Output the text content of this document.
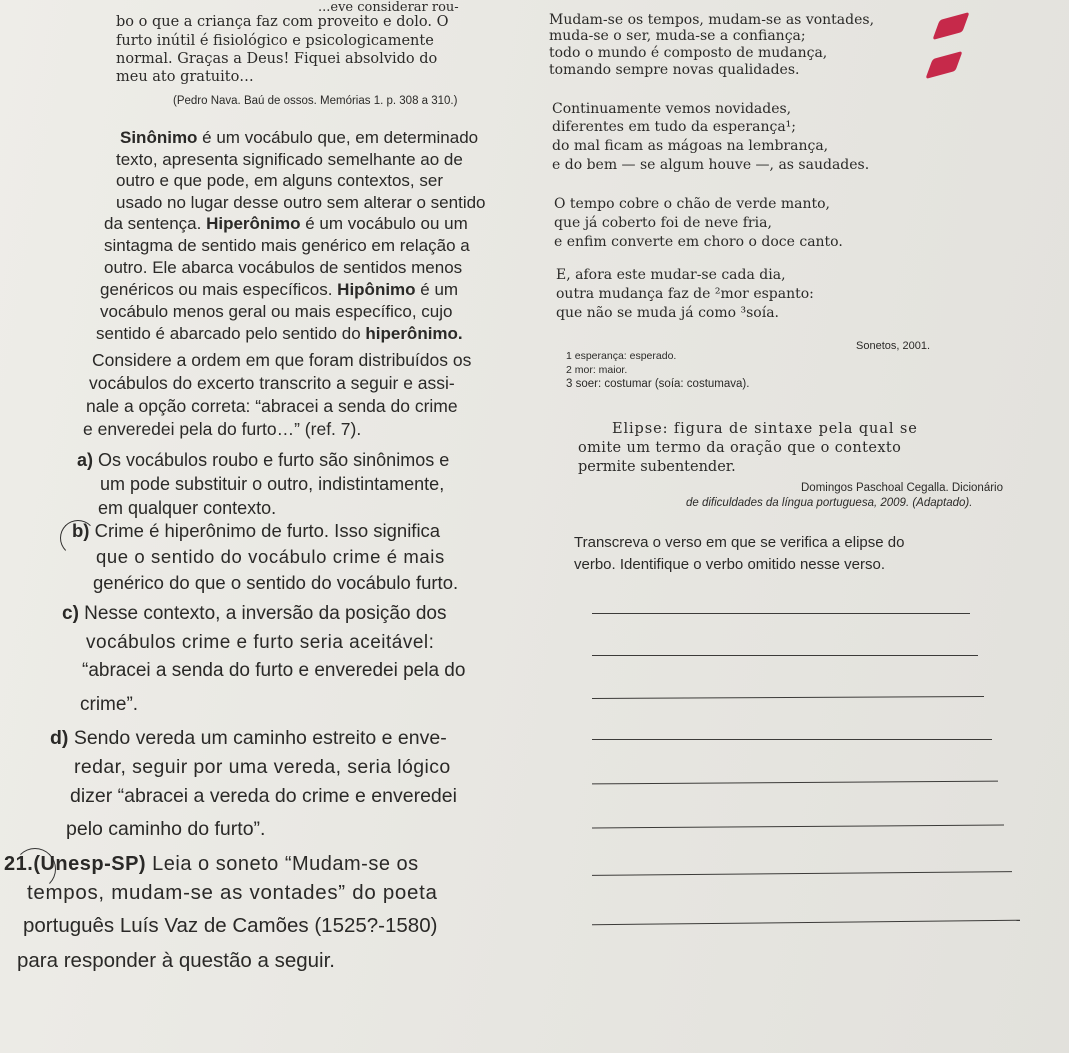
...eve considerar rou-
bo o que a criança faz com proveito e dolo. O
furto inútil é fisiológico e psicologicamente
normal. Graças a Deus! Fiquei absolvido do
meu ato gratuito…
(Pedro Nava. Baú de ossos. Memórias 1. p. 308 a 310.)
Sinônimo é um vocábulo que, em determinado
texto, apresenta significado semelhante ao de
outro e que pode, em alguns contextos, ser
usado no lugar desse outro sem alterar o sentido
da sentença. Hiperônimo é um vocábulo ou um
sintagma de sentido mais genérico em relação a
outro. Ele abarca vocábulos de sentidos menos
genéricos ou mais específicos. Hipônimo é um
vocábulo menos geral ou mais específico, cujo
sentido é abarcado pelo sentido do hiperônimo.
Considere a ordem em que foram distribuídos os
vocábulos do excerto transcrito a seguir e assi-
nale a opção correta: “abracei a senda do crime
e enveredei pela do furto…” (ref. 7).
a) Os vocábulos roubo e furto são sinônimos e
um pode substituir o outro, indistintamente,
em qualquer contexto.
b) Crime é hiperônimo de furto. Isso significa
que o sentido do vocábulo crime é mais
genérico do que o sentido do vocábulo furto.
c) Nesse contexto, a inversão da posição dos
vocábulos crime e furto seria aceitável:
“abracei a senda do furto e enveredei pela do
crime”.
d) Sendo vereda um caminho estreito e enve-
redar, seguir por uma vereda, seria lógico
dizer “abracei a vereda do crime e enveredei
pelo caminho do furto”.
21.(Unesp-SP) Leia o soneto “Mudam-se os
tempos, mudam-se as vontades” do poeta
português Luís Vaz de Camões (1525?-1580)
para responder à questão a seguir.
Mudam-se os tempos, mudam-se as vontades,
muda-se o ser, muda-se a confiança;
todo o mundo é composto de mudança,
tomando sempre novas qualidades.
Continuamente vemos novidades,
diferentes em tudo da esperança¹;
do mal ficam as mágoas na lembrança,
e do bem — se algum houve —, as saudades.
O tempo cobre o chão de verde manto,
que já coberto foi de neve fria,
e enfim converte em choro o doce canto.
E, afora este mudar-se cada dia,
outra mudança faz de ²mor espanto:
que não se muda já como ³soía.
Sonetos, 2001.
1 esperança: esperado.
2 mor: maior.
3 soer: costumar (soía: costumava).
Elipse: figura de sintaxe pela qual se
omite um termo da oração que o contexto
permite subentender.
Domingos Paschoal Cegalla. Dicionário
de dificuldades da língua portuguesa, 2009. (Adaptado).
Transcreva o verso em que se verifica a elipse do
verbo. Identifique o verbo omitido nesse verso.
